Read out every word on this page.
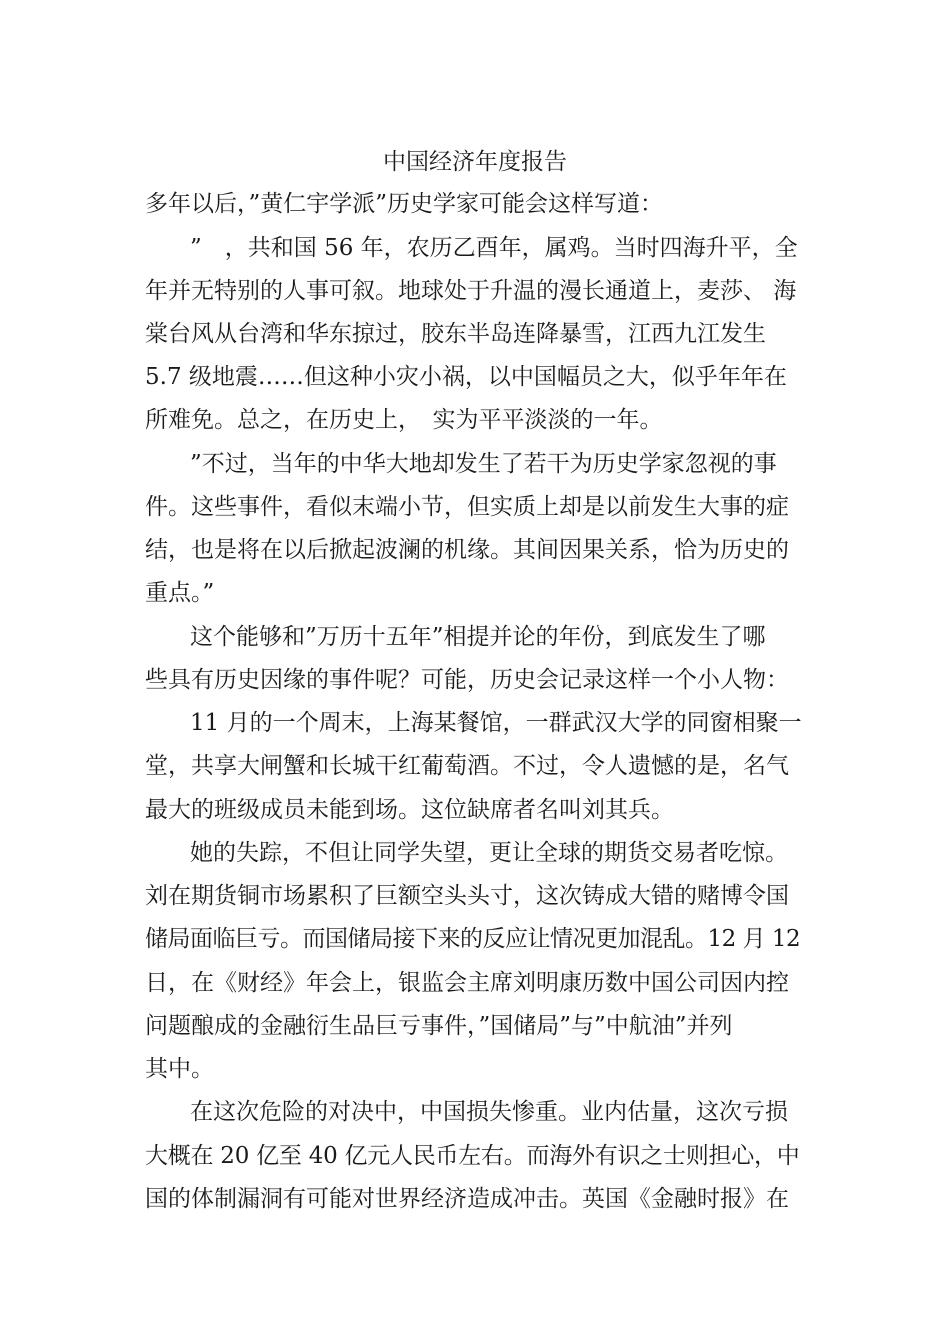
中国经济年度报告

多年以后，”黄仁宇学派”历史学家可能会这样写道：

”　，共和国 56 年，农历乙酉年，属鸡。当时四海升平，全

年并无特别的人事可叙。地球处于升温的漫长通道上，麦莎、 海

棠台风从台湾和华东掠过，胶东半岛连降暴雪，江西九江发生

5.7 级地震……但这种小灾小祸，以中国幅员之大，似乎年年在

所难免。总之，在历史上，　实为平平淡淡的一年。

”不过，当年的中华大地却发生了若干为历史学家忽视的事

件。这些事件，看似末端小节，但实质上却是以前发生大事的症

结，也是将在以后掀起波澜的机缘。其间因果关系，恰为历史的

重点。”

这个能够和”万历十五年”相提并论的年份，到底发生了哪

些具有历史因缘的事件呢？可能，历史会记录这样一个小人物：

11 月的一个周末，上海某餐馆，一群武汉大学的同窗相聚一

堂，共享大闸蟹和长城干红葡萄酒。不过，令人遗憾的是，名气

最大的班级成员未能到场。这位缺席者名叫刘其兵。

她的失踪，不但让同学失望，更让全球的期货交易者吃惊。

刘在期货铜市场累积了巨额空头头寸，这次铸成大错的赌博令国

储局面临巨亏。而国储局接下来的反应让情况更加混乱。12 月 12

日，在《财经》年会上，银监会主席刘明康历数中国公司因内控

问题酿成的金融衍生品巨亏事件，”国储局”与”中航油”并列

其中。

在这次危险的对决中，中国损失惨重。业内估量，这次亏损

大概在 20 亿至 40 亿元人民币左右。而海外有识之士则担心，中

国的体制漏洞有可能对世界经济造成冲击。英国《金融时报》在
